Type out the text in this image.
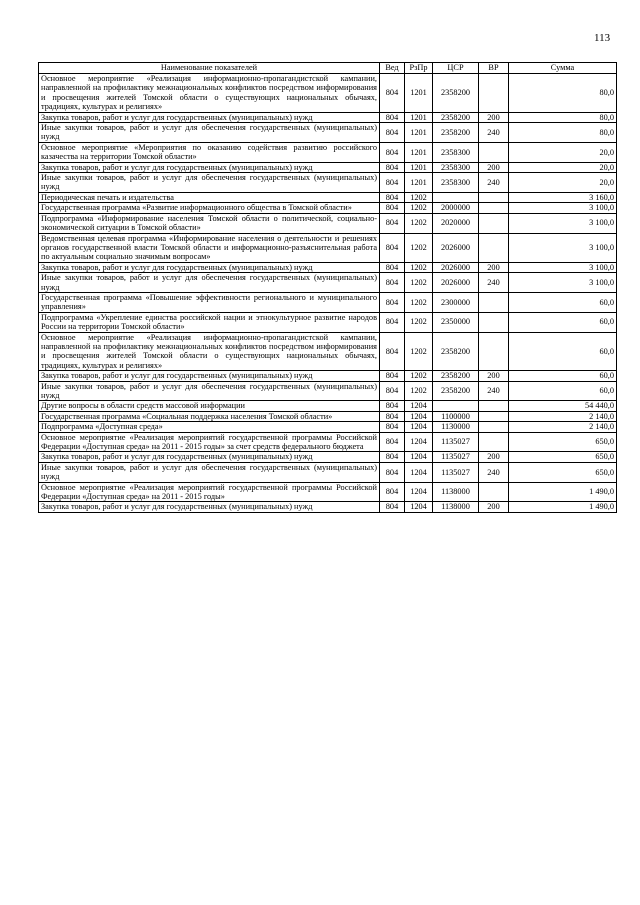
113
Наименование показателей	Вед	РзПр	ЦСР	ВР	Сумма
Основное мероприятие «Реализация информационно-пропагандистской кампании, направленной на профилактику межнациональных конфликтов посредством информирования и просвещения жителей Томской области о существующих национальных обычаях, традициях, культурах и религиях»	804	1201	2358200		80,0
Закупка товаров, работ и услуг для государственных (муниципальных) нужд	804	1201	2358200	200	80,0
Иные закупки товаров, работ и услуг для обеспечения государственных (муниципальных) нужд	804	1201	2358200	240	80,0
Основное мероприятие «Мероприятия по оказанию содействия развитию российского казачества на территории Томской области»	804	1201	2358300		20,0
Закупка товаров, работ и услуг для государственных (муниципальных) нужд	804	1201	2358300	200	20,0
Иные закупки товаров, работ и услуг для обеспечения государственных (муниципальных) нужд	804	1201	2358300	240	20,0
Периодическая печать и издательства	804	1202			3 160,0
Государственная программа «Развитие информационного общества в Томской области»	804	1202	2000000		3 100,0
Подпрограмма «Информирование населения Томской области о политической, социально-экономической ситуации в Томской области»	804	1202	2020000		3 100,0
Ведомственная целевая программа «Информирование населения о деятельности и решениях органов государственной власти Томской области и информационно-разъяснительная работа по актуальным социально значимым вопросам»	804	1202	2026000		3 100,0
Закупка товаров, работ и услуг для государственных (муниципальных) нужд	804	1202	2026000	200	3 100,0
Иные закупки товаров, работ и услуг для обеспечения государственных (муниципальных) нужд	804	1202	2026000	240	3 100,0
Государственная программа «Повышение эффективности регионального и муниципального управления»	804	1202	2300000		60,0
Подпрограмма «Укрепление единства российской нации и этнокультурное развитие народов России на территории Томской области»	804	1202	2350000		60,0
Основное мероприятие «Реализация информационно-пропагандистской кампании, направленной на профилактику межнациональных конфликтов посредством информирования и просвещения жителей Томской области о существующих национальных обычаях, традициях, культурах и религиях»	804	1202	2358200		60,0
Закупка товаров, работ и услуг для государственных (муниципальных) нужд	804	1202	2358200	200	60,0
Иные закупки товаров, работ и услуг для обеспечения государственных (муниципальных) нужд	804	1202	2358200	240	60,0
Другие вопросы в области средств массовой информации	804	1204			54 440,0
Государственная программа «Социальная поддержка населения Томской области»	804	1204	1100000		2 140,0
Подпрограмма «Доступная среда»	804	1204	1130000		2 140,0
Основное мероприятие «Реализация мероприятий государственной программы Российской Федерации «Доступная среда» на 2011 - 2015 годы» за счет средств федерального бюджета	804	1204	1135027		650,0
Закупка товаров, работ и услуг для государственных (муниципальных) нужд	804	1204	1135027	200	650,0
Иные закупки товаров, работ и услуг для обеспечения государственных (муниципальных) нужд	804	1204	1135027	240	650,0
Основное мероприятие «Реализация мероприятий государственной программы Российской Федерации «Доступная среда» на 2011 - 2015 годы»	804	1204	1138000		1 490,0
Закупка товаров, работ и услуг для государственных (муниципальных) нужд	804	1204	1138000	200	1 490,0
